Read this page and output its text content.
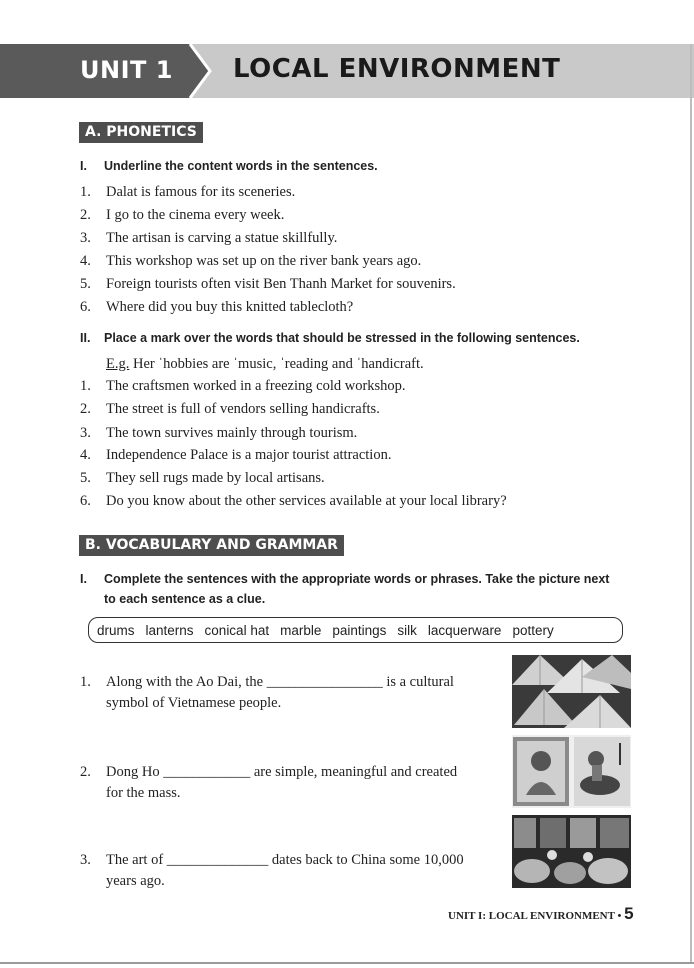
UNIT 1 LOCAL ENVIRONMENT
A. PHONETICS
I. Underline the content words in the sentences.
1. Dalat is famous for its sceneries.
2. I go to the cinema every week.
3. The artisan is carving a statue skillfully.
4. This workshop was set up on the river bank years ago.
5. Foreign tourists often visit Ben Thanh Market for souvenirs.
6. Where did you buy this knitted tablecloth?
II. Place a mark over the words that should be stressed in the following sentences.
E.g. Her ˈhobbies are ˈmusic, ˈreading and ˈhandicraft.
1. The craftsmen worked in a freezing cold workshop.
2. The street is full of vendors selling handicrafts.
3. The town survives mainly through tourism.
4. Independence Palace is a major tourist attraction.
5. They sell rugs made by local artisans.
6. Do you know about the other services available at your local library?
B. VOCABULARY AND GRAMMAR
I. Complete the sentences with the appropriate words or phrases. Take the picture next
to each sentence as a clue.
drums lanterns conical hat marble paintings silk lacquerware pottery
1. Along with the Ao Dai, the ________________ is a cultural
symbol of Vietnamese people.
2. Dong Ho ____________ are simple, meaningful and created
for the mass.
3. The art of ______________ dates back to China some 10,000
years ago.
UNIT I: LOCAL ENVIRONMENT • 5
